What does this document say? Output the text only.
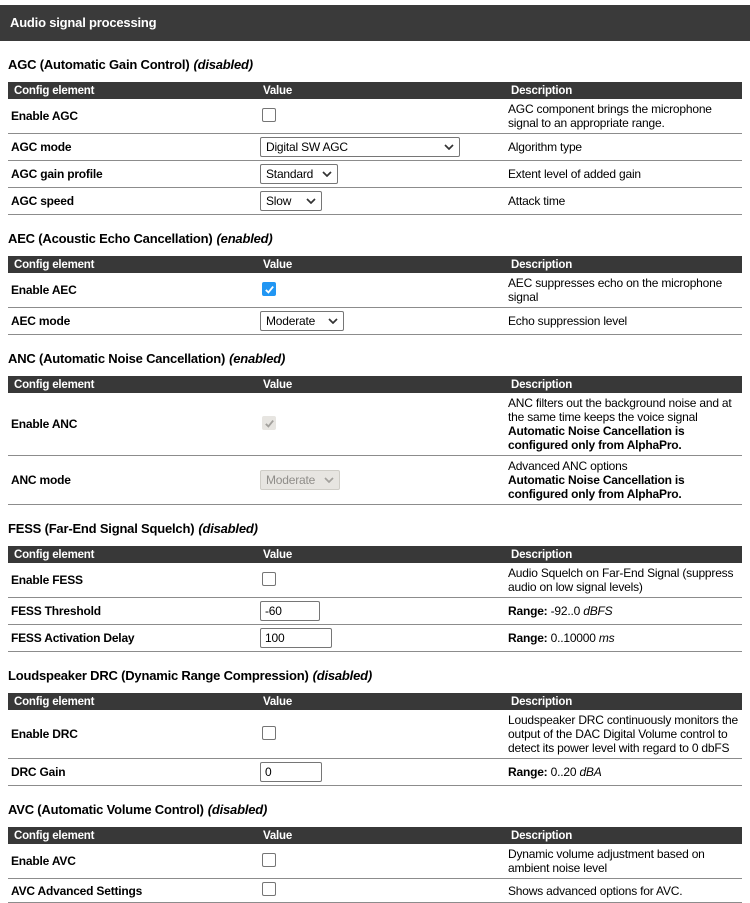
Audio signal processing
AGC (Automatic Gain Control) (disabled)
Config element	Value	Description
Enable AGC		AGC component brings the microphone signal to an appropriate range.
AGC mode	Digital SW AGC	Algorithm type
AGC gain profile	Standard	Extent level of added gain
AGC speed	Slow	Attack time
AEC (Acoustic Echo Cancellation) (enabled)
Config element	Value	Description
Enable AEC		AEC suppresses echo on the microphone signal
AEC mode	Moderate	Echo suppression level
ANC (Automatic Noise Cancellation) (enabled)
Config element	Value	Description
Enable ANC		ANC filters out the background noise and at the same time keeps the voice signal
Automatic Noise Cancellation is configured only from AlphaPro.
ANC mode	Moderate	Advanced ANC options
Automatic Noise Cancellation is configured only from AlphaPro.
FESS (Far-End Signal Squelch) (disabled)
Config element	Value	Description
Enable FESS		Audio Squelch on Far-End Signal (suppress audio on low signal levels)
FESS Threshold	-60	Range: -92..0 dBFS
FESS Activation Delay	100	Range: 0..10000 ms
Loudspeaker DRC (Dynamic Range Compression) (disabled)
Config element	Value	Description
Enable DRC		Loudspeaker DRC continuously monitors the output of the DAC Digital Volume control to detect its power level with regard to 0 dbFS
DRC Gain	0	Range: 0..20 dBA
AVC (Automatic Volume Control) (disabled)
Config element	Value	Description
Enable AVC		Dynamic volume adjustment based on ambient noise level
AVC Advanced Settings		Shows advanced options for AVC.
